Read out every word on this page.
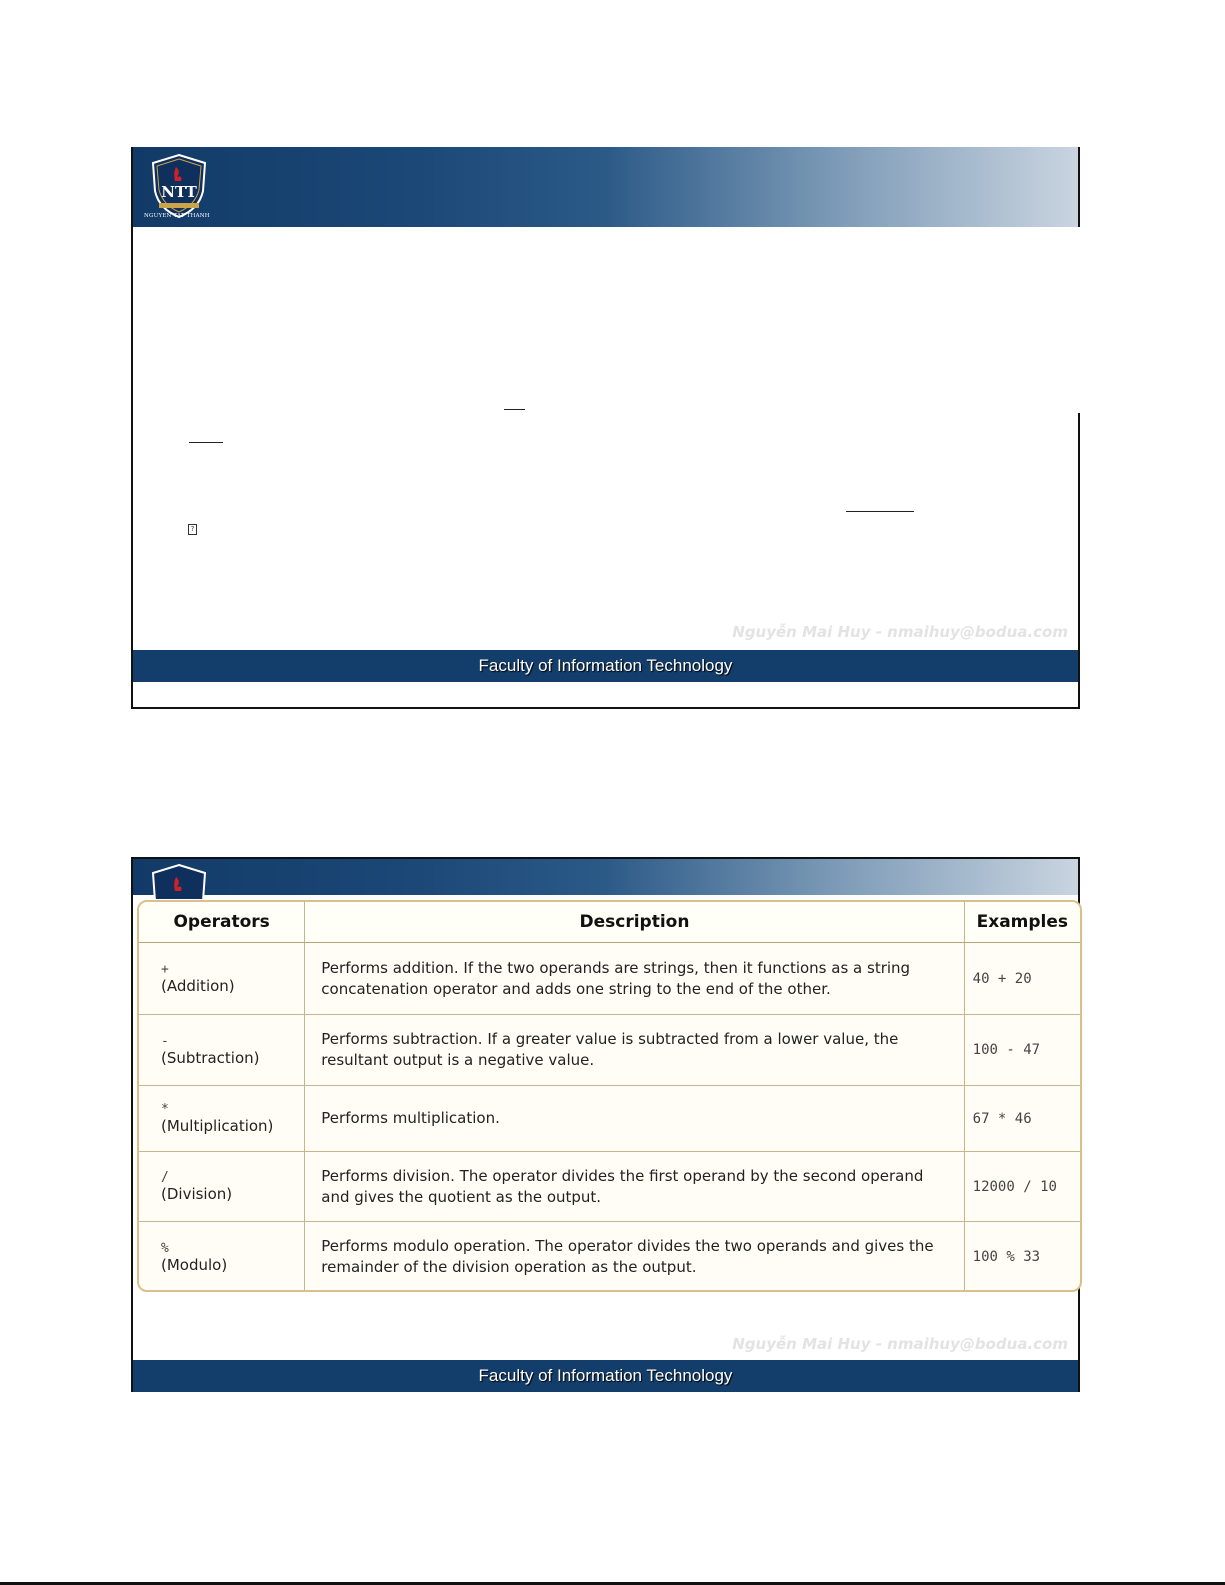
NTT
NGUYEN TAT THANH
?
Nguyễn Mai Huy - nmaihuy@bodua.com
Faculty of Information Technology
Operators	Description	Examples

+
(Addition)	Performs addition. If the two operands are strings, then it functions as a string concatenation operator and adds one string to the end of the other.	40 + 20

-
(Subtraction)	Performs subtraction. If a greater value is subtracted from a lower value, the resultant output is a negative value.	100 - 47

*
(Multiplication)	Performs multiplication.	67 * 46

/
(Division)	Performs division. The operator divides the first operand by the second operand and gives the quotient as the output.	12000 / 10

%
(Modulo)	Performs modulo operation. The operator divides the two operands and gives the remainder of the division operation as the output.	100 % 33
Nguyễn Mai Huy - nmaihuy@bodua.com
Faculty of Information Technology
